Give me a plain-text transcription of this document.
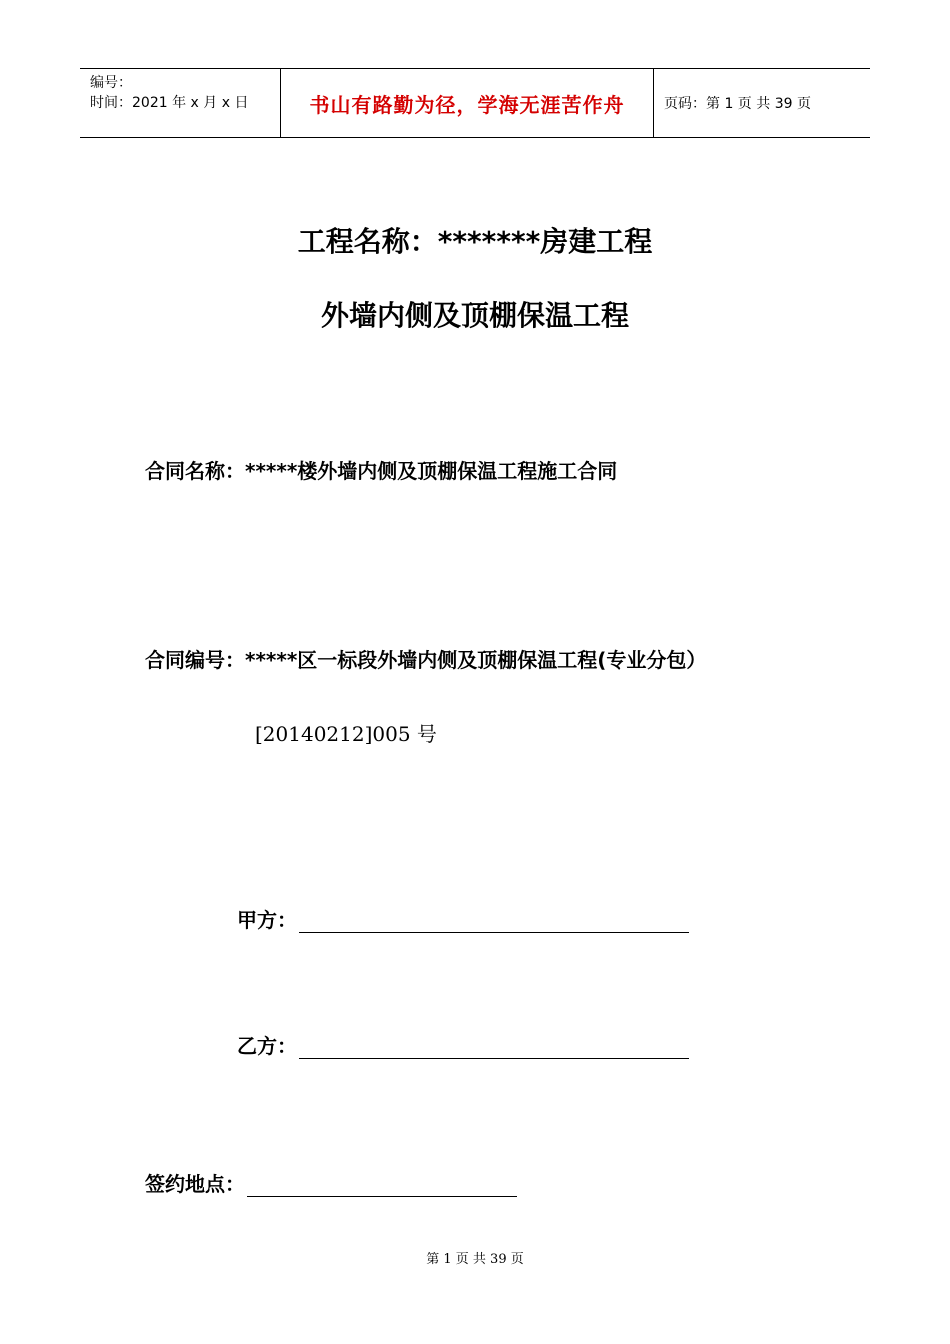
编号：
时间：2021 年 x 月 x 日	书山有路勤为径，学海无涯苦作舟	页码：第 1 页 共 39 页
工程名称：*******房建工程
外墙内侧及顶棚保温工程
合同名称：*****楼外墙内侧及顶棚保温工程施工合同
合同编号：*****区一标段外墙内侧及顶棚保温工程(专业分包）
[20140212]005 号
甲方：
乙方：
签约地点：
第 1 页 共 39 页
